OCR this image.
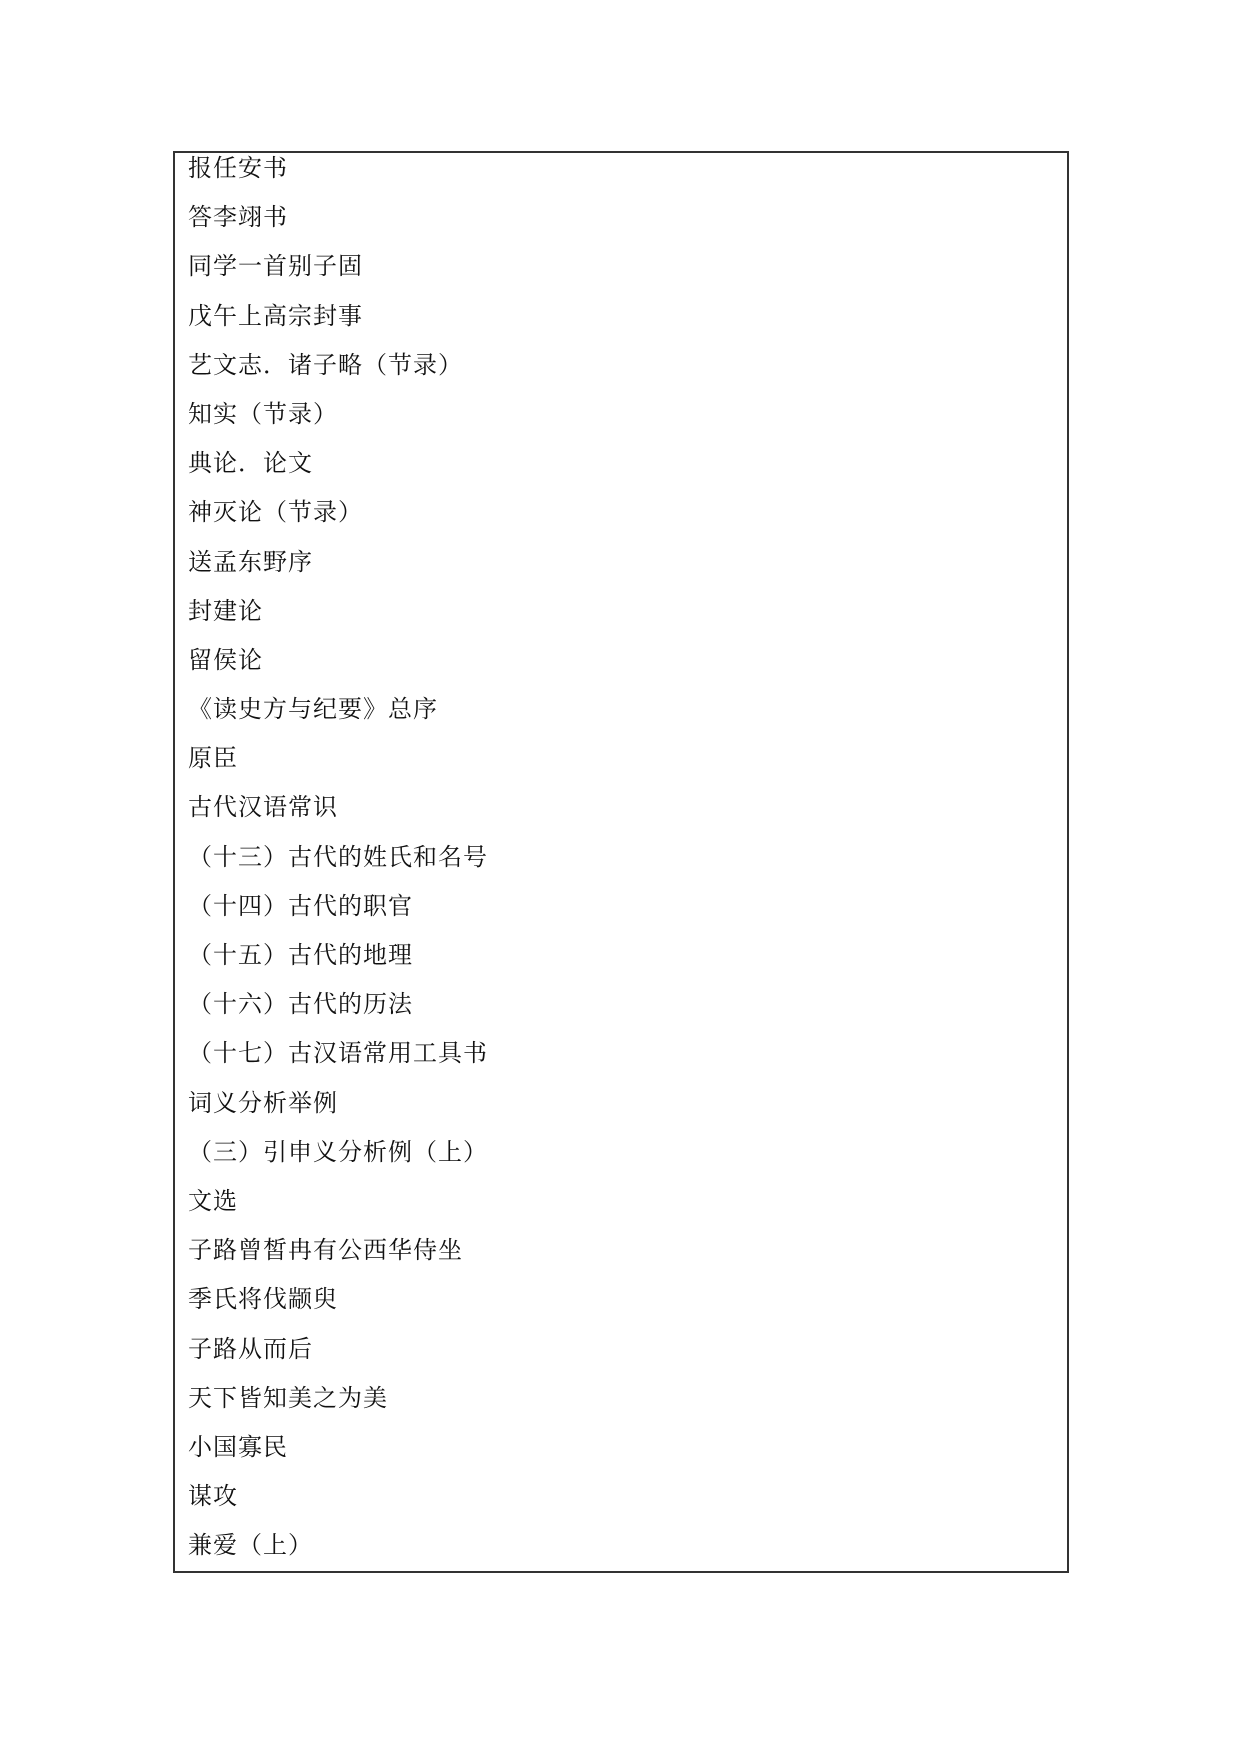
报任安书
答李翊书
同学一首别子固
戊午上高宗封事
艺文志．诸子略（节录）
知实（节录）
典论．论文
神灭论（节录）
送孟东野序
封建论
留侯论
《读史方与纪要》总序
原臣
古代汉语常识
（十三）古代的姓氏和名号
（十四）古代的职官
（十五）古代的地理
（十六）古代的历法
（十七）古汉语常用工具书
词义分析举例
（三）引申义分析例（上）
文选
子路曾皙冉有公西华侍坐
季氏将伐颛臾
子路从而后
天下皆知美之为美
小国寡民
谋攻
兼爱（上）
